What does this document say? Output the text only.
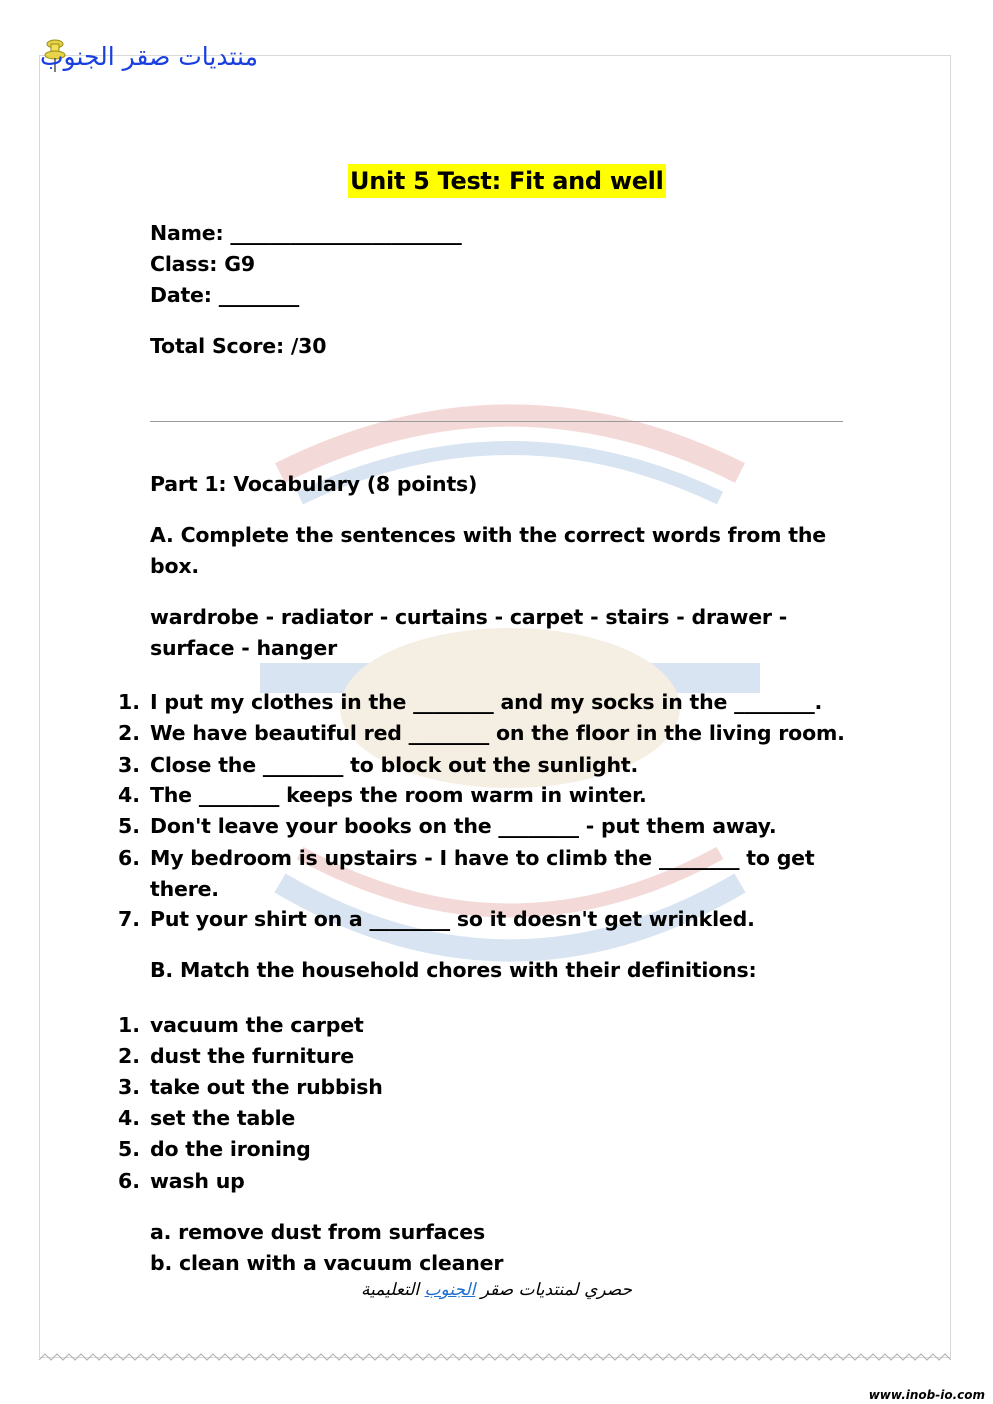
منتديات صقر الجنوب
Unit 5 Test: Fit and well
Name: _______________________
Class: G9
Date: ________
Total Score: /30
Part 1: Vocabulary (8 points)
A. Complete the sentences with the correct words from the
box.
wardrobe - radiator - curtains - carpet - stairs - drawer -
surface - hanger
1. I put my clothes in the ________ and my socks in the ________.
2. We have beautiful red ________ on the floor in the living room.
3. Close the ________ to block out the sunlight.
4. The ________ keeps the room warm in winter.
5. Don't leave your books on the ________ - put them away.
6. My bedroom is upstairs - I have to climb the ________ to get
there.
7. Put your shirt on a ________ so it doesn't get wrinkled.
B. Match the household chores with their definitions:
1. vacuum the carpet
2. dust the furniture
3. take out the rubbish
4. set the table
5. do the ironing
6. wash up
a. remove dust from surfaces
b. clean with a vacuum cleaner
حصري لمنتديات صقر الجنوب التعليمية
www.inob-io.com
